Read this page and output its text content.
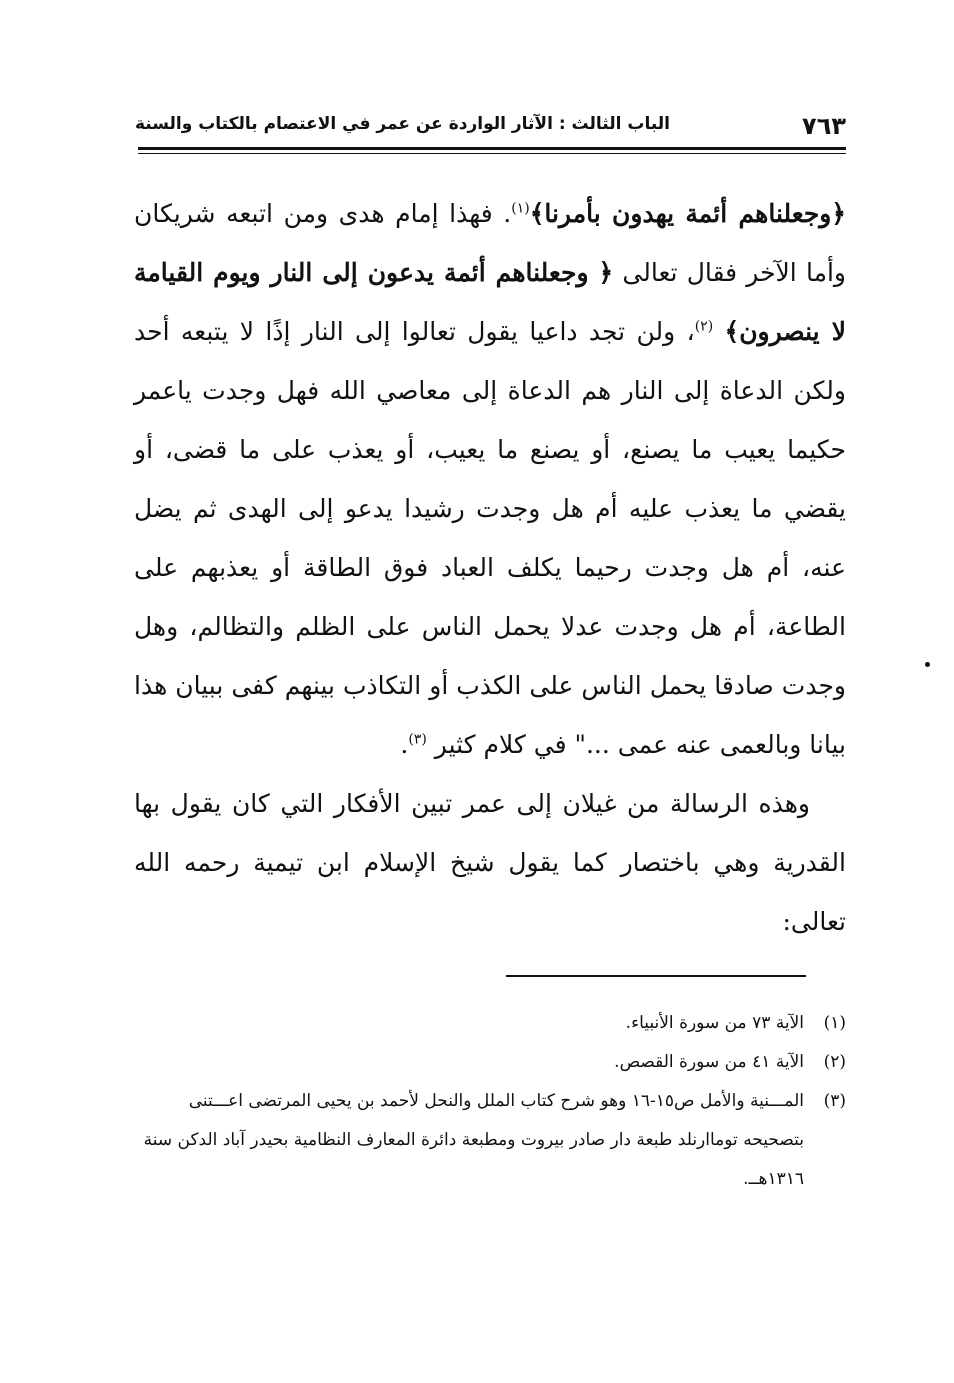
٧٦٣
الباب الثالث : الآثار الواردة عن عمر في الاعتصام بالكتاب والسنة

﴿وجعلناهم أئمة يهدون بأمرنا﴾$^{(١)}$. فهذا إمام هدى ومن اتبعه شريكان وأما الآخر فقال تعالى ﴿ وجعلناهم أئمة يدعون إلى النار ويوم القيامة لا ينصرون﴾ $^{(٢)}$، ولن تجد داعيا يقول تعالوا إلى النار إذًا لا يتبعه أحد ولكن الدعاة إلى النار هم الدعاة إلى معاصي الله فهل وجدت ياعمر حكيما يعيب ما يصنع، أو يصنع ما يعيب، أو يعذب على ما قضى، أو يقضي ما يعذب عليه أم هل وجدت رشيدا يدعو إلى الهدى ثم يضل عنه، أم هل وجدت رحيما يكلف العباد فوق الطاقة أو يعذبهم على الطاعة، أم هل وجدت عدلا يحمل الناس على الظلم والتظالم، وهل وجدت صادقا يحمل الناس على الكذب أو التكاذب بينهم كفى ببيان هذا بيانا وبالعمى عنه عمى ..." في كلام كثير $^{(٣)}$.

وهذه الرسالة من غيلان إلى عمر تبين الأفكار التي كان يقول بها القدرية وهي باختصار كما يقول شيخ الإسلام ابن تيمية رحمه الله تعالى:

(١)
الآية ٧٣ من سورة الأنبياء.
(٢)
الآية ٤١ من سورة القصص.
(٣)
المـــنية والأمل ص١٥-١٦ وهو شرح كتاب الملل والنحل لأحمد بن يحيى المرتضى اعـــتنى بتصحيحه توماارنلد طبعة دار صادر بيروت ومطبعة دائرة المعارف النظامية بحيدر آباد الدكن سنة ١٣١٦هــ.
